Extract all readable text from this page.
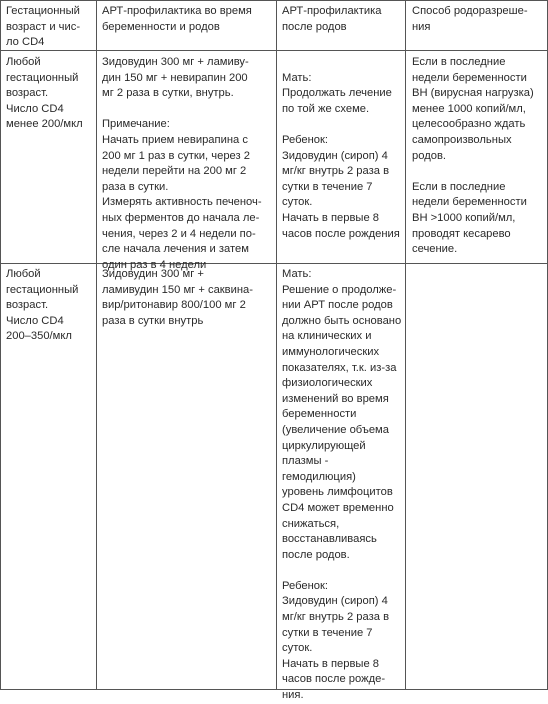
Гестационный
возраст и чис-
ло CD4
АРТ-профилактика во время
беременности и родов
АРТ-профилактика
после родов
Способ родоразреше-
ния
Любой
гестационный
возраст.
Число CD4
менее 200/мкл
Зидовудин 300 мг + ламиву-
дин 150 мг + невирапин 200
мг 2 раза в сутки, внутрь.
Примечание:
Начать прием невирапина с
200 мг 1 раз в сутки, через 2
недели перейти на 200 мг 2
раза в сутки.
Измерять активность печеноч-
ных ферментов до начала ле-
чения, через 2 и 4 недели по-
сле начала лечения и затем
один раз в 4 недели
Мать:
Продолжать лечение
по той же схеме.
Ребенок:
Зидовудин (сироп) 4
мг/кг внутрь 2 раза в
сутки в течение 7
суток.
Начать в первые 8
часов после рождения
Если в последние
недели беременности
ВН (вирусная нагрузка)
менее 1000 копий/мл,
целесообразно ждать
самопроизвольных
родов.
Если в последние
недели беременности
ВН >1000 копий/мл,
проводят кесарево
сечение.
Любой
гестационный
возраст.
Число CD4
200–350/мкл
Зидовудин 300 мг +
ламивудин 150 мг + саквина-
вир/ритонавир 800/100 мг 2
раза в сутки внутрь
Мать:
Решение о продолже-
нии АРТ после родов
должно быть основано
на клинических и
иммунологических
показателях, т.к. из-за
физиологических
изменений во время
беременности
(увеличение объема
циркулирующей
плазмы -
гемодилюция)
уровень лимфоцитов
CD4 может временно
снижаться,
восстанавливаясь
после родов.
Ребенок:
Зидовудин (сироп) 4
мг/кг внутрь 2 раза в
сутки в течение 7
суток.
Начать в первые 8
часов после рожде-
ния.
